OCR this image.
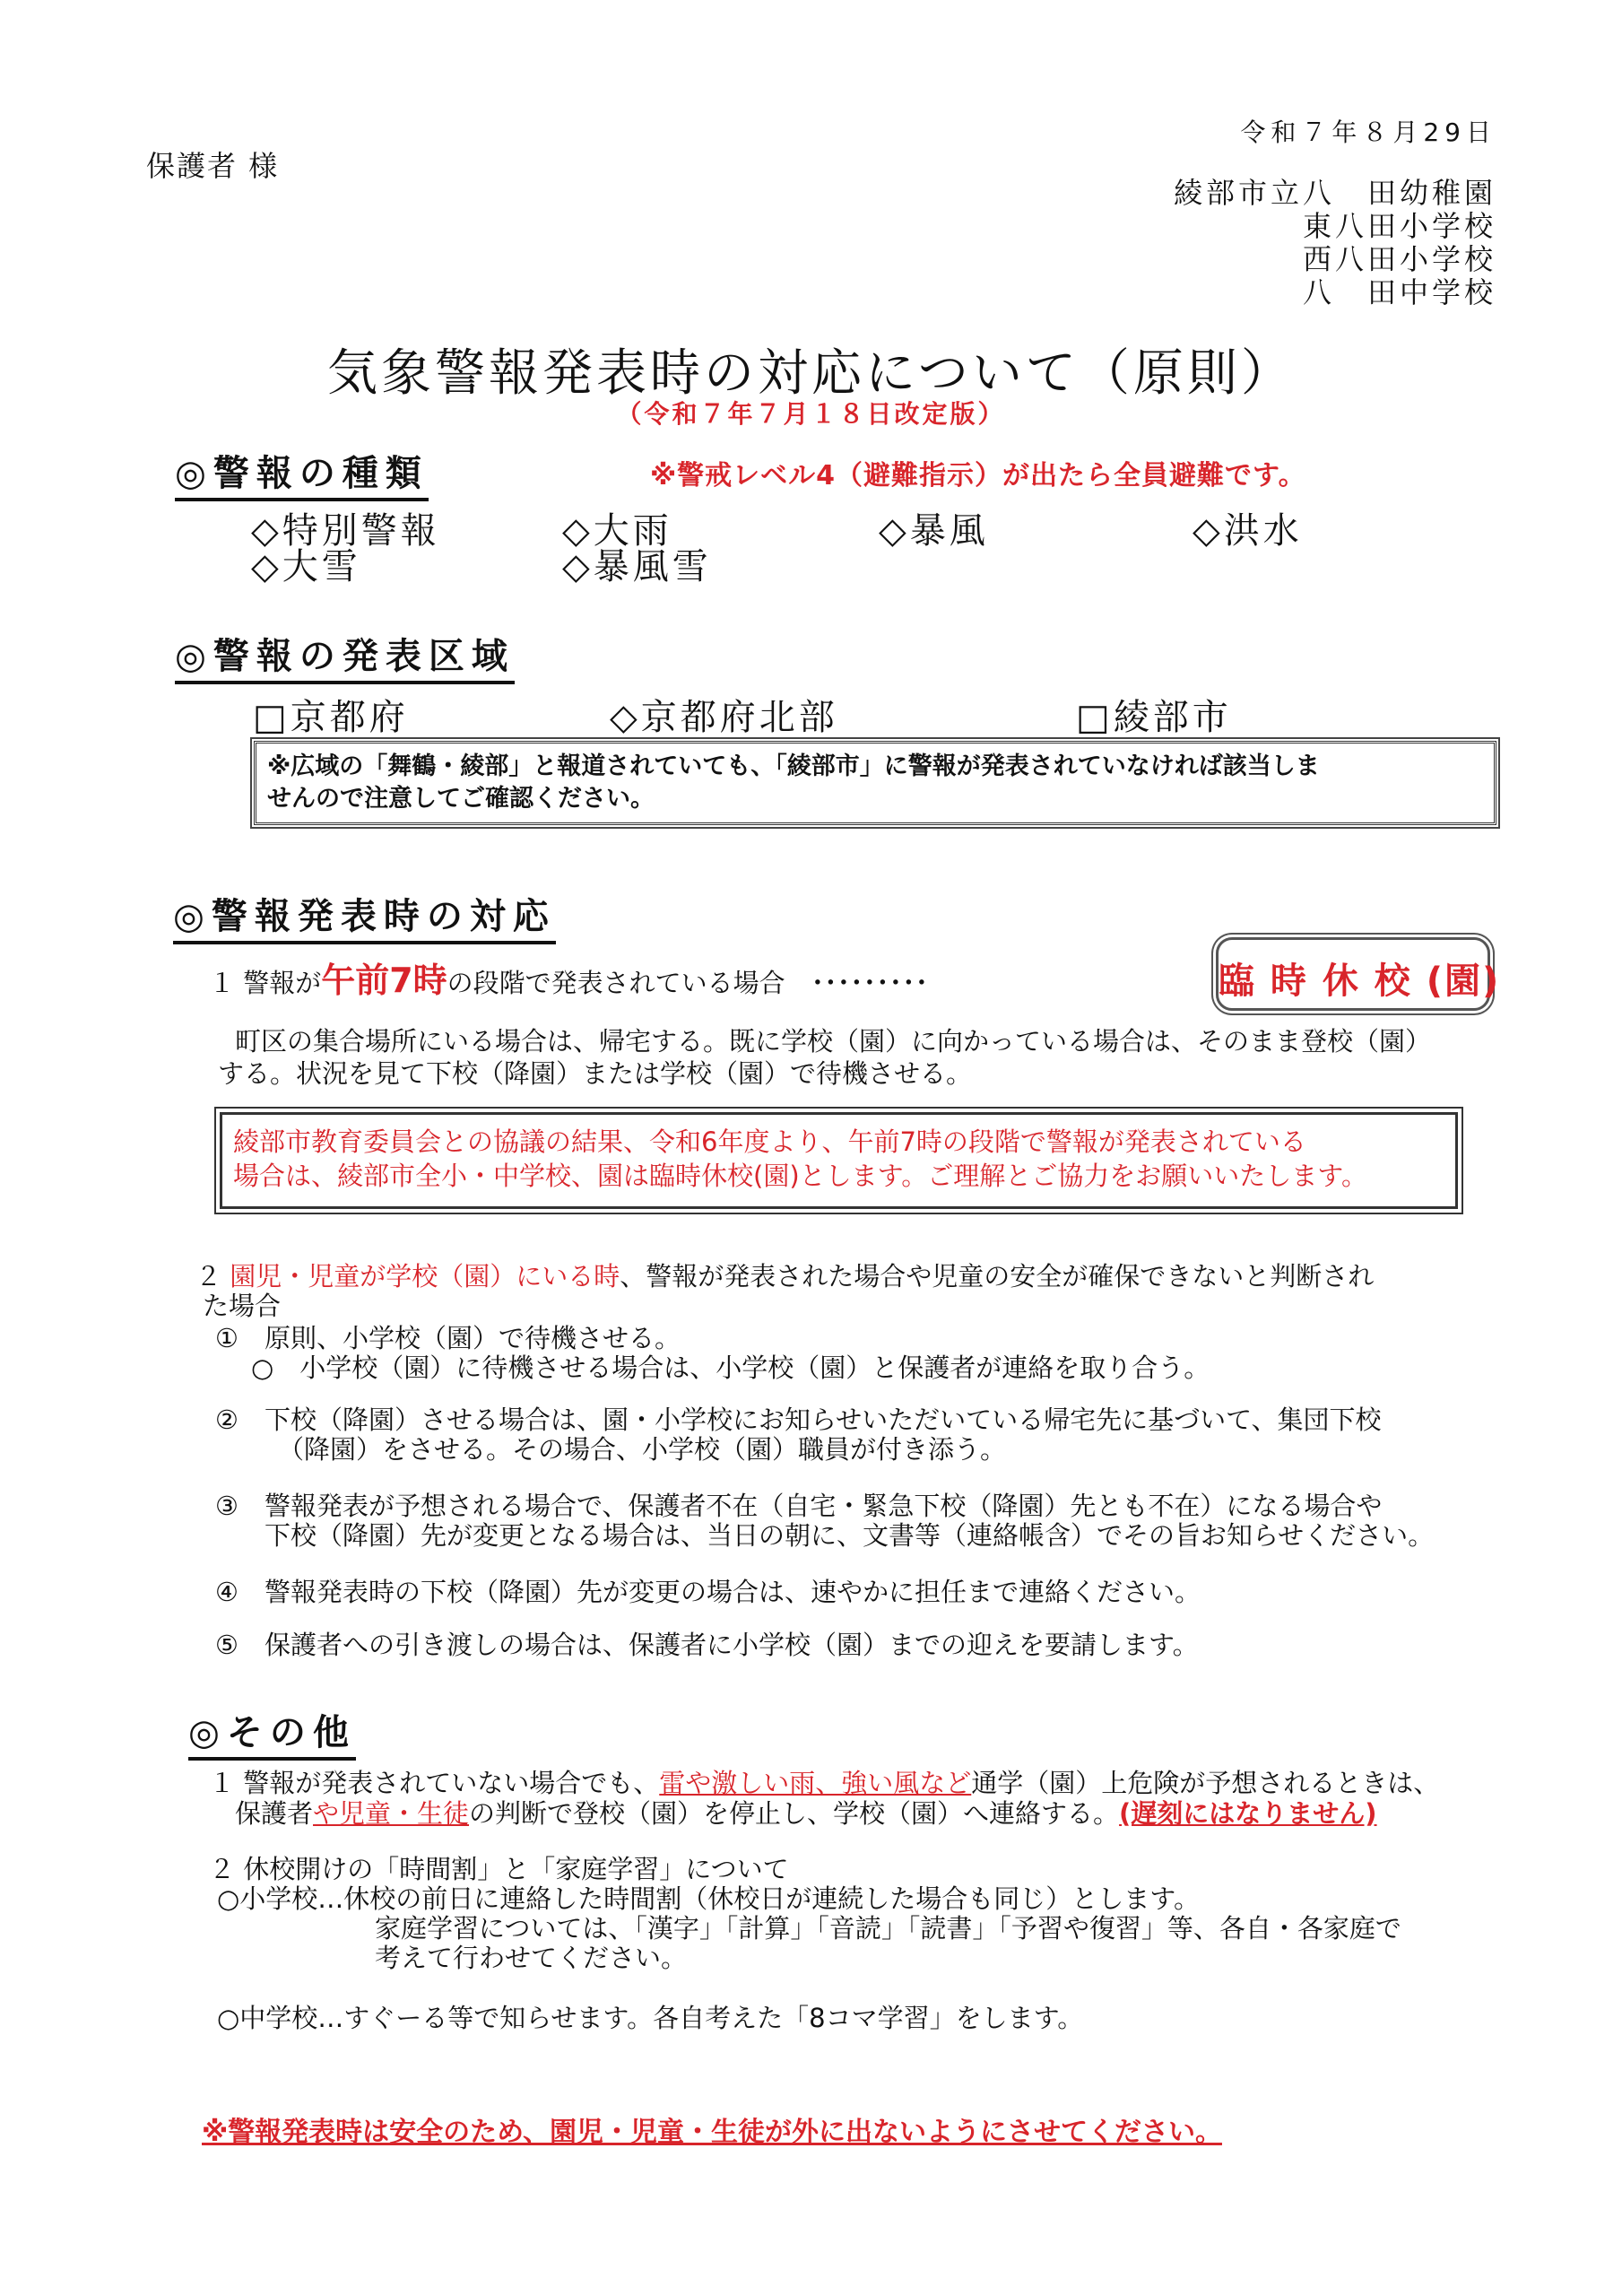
保護者 様
令和７年８月29日
綾部市立八　田幼稚園
東八田小学校
西八田小学校
八　田中学校
気象警報発表時の対応について（原則）
（令和７年７月１８日改定版）
◎警報の種類	※警戒レベル4（避難指示）が出たら全員避難です。
◇特別警報	◇大雨	◇暴風	◇洪水
◇大雪	◇暴風雪
◎警報の発表区域
□京都府	◇京都府北部	□綾部市
※広域の「舞鶴・綾部」と報道されていても、「綾部市」に警報が発表されていなければ該当しま
せんので注意してご確認ください。
◎警報発表時の対応
１ 警報が午前7時の段階で発表されている場合　･････････	臨 時 休 校 (園)
町区の集合場所にいる場合は、帰宅する。既に学校（園）に向かっている場合は、そのまま登校（園）
する。状況を見て下校（降園）または学校（園）で待機させる。
綾部市教育委員会との協議の結果、令和6年度より、午前7時の段階で警報が発表されている
場合は、綾部市全小・中学校、園は臨時休校(園)とします。ご理解とご協力をお願いいたします。
２ 園児・児童が学校（園）にいる時、警報が発表された場合や児童の安全が確保できないと判断され
た場合
①　原則、小学校（園）で待機させる。
○　小学校（園）に待機させる場合は、小学校（園）と保護者が連絡を取り合う。
②　下校（降園）させる場合は、園・小学校にお知らせいただいている帰宅先に基づいて、集団下校
（降園）をさせる。その場合、小学校（園）職員が付き添う。
③　警報発表が予想される場合で、保護者不在（自宅・緊急下校（降園）先とも不在）になる場合や
下校（降園）先が変更となる場合は、当日の朝に、文書等（連絡帳含）でその旨お知らせください。
④　警報発表時の下校（降園）先が変更の場合は、速やかに担任まで連絡ください。
⑤　保護者への引き渡しの場合は、保護者に小学校（園）までの迎えを要請します。
◎その他
１ 警報が発表されていない場合でも、雷や激しい雨、強い風など通学（園）上危険が予想されるときは、
保護者や児童・生徒の判断で登校（園）を停止し、学校（園）へ連絡する。(遅刻にはなりません)
２ 休校開けの「時間割」と「家庭学習」について
○小学校…休校の前日に連絡した時間割（休校日が連続した場合も同じ）とします。
家庭学習については、「漢字」「計算」「音読」「読書」「予習や復習」等、各自・各家庭で
考えて行わせてください。
○中学校…すぐーる等で知らせます。各自考えた「8コマ学習」をします。
※警報発表時は安全のため、園児・児童・生徒が外に出ないようにさせてください。
